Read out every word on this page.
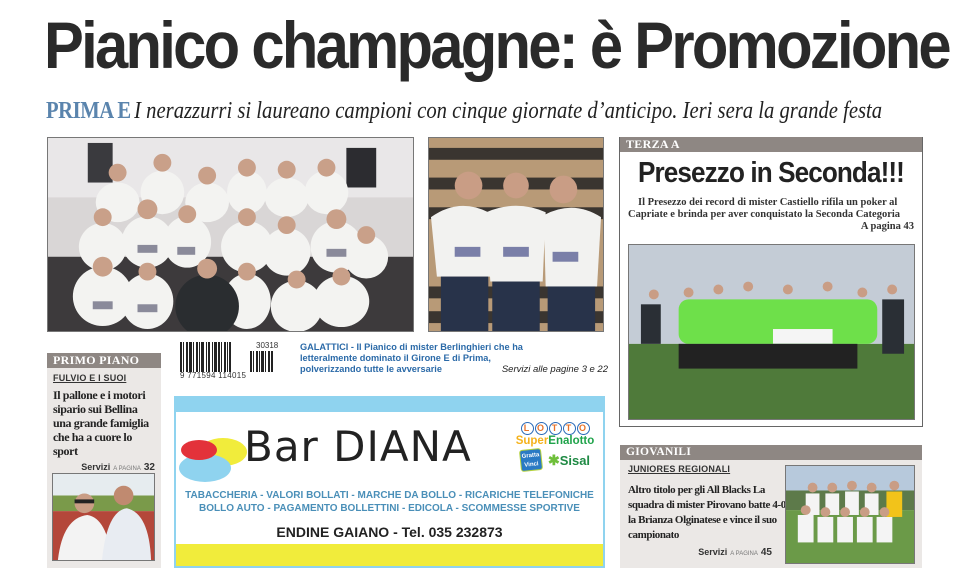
Pianico champagne: è Promozione
PRIMA E I nerazzurri si laureano campioni con cinque giornate d’anticipo. Ieri sera la grande festa
TERZA A
Presezzo in Seconda!!!

Il Presezzo dei record di mister Castiello rifila un poker al Capriate e brinda per aver conquistato la Seconda Categoria

A pagina 43
PRIMO PIANO
FULVIO E I SUOI
Il pallone e i motori sipario sui Bellina una grande famiglia che ha a cuore lo sport
Servizi A PAGINA 32
30318
9 771594 114015
GALATTICI - Il Pianico di mister Berlinghieri che ha letteralmente dominato il Girone E di Prima, polverizzando tutte le avversarie	Servizi alle pagine 3 e 22
Bar DIANA	L O T T O
SuperEnalotto
Gratta
Vinci ✱Sisal
TABACCHERIA - VALORI BOLLATI - MARCHE DA BOLLO - RICARICHE TELEFONICHE
BOLLO AUTO - PAGAMENTO BOLLETTINI - EDICOLA - SCOMMESSE SPORTIVE
ENDINE GAIANO - Tel. 035 232873
GIOVANILI
JUNIORES REGIONALI
Altro titolo per gli All Blacks La squadra di mister Pirovano batte 4-0 la Brianza Olginatese e vince il suo campionato
Servizi A PAGINA 45
